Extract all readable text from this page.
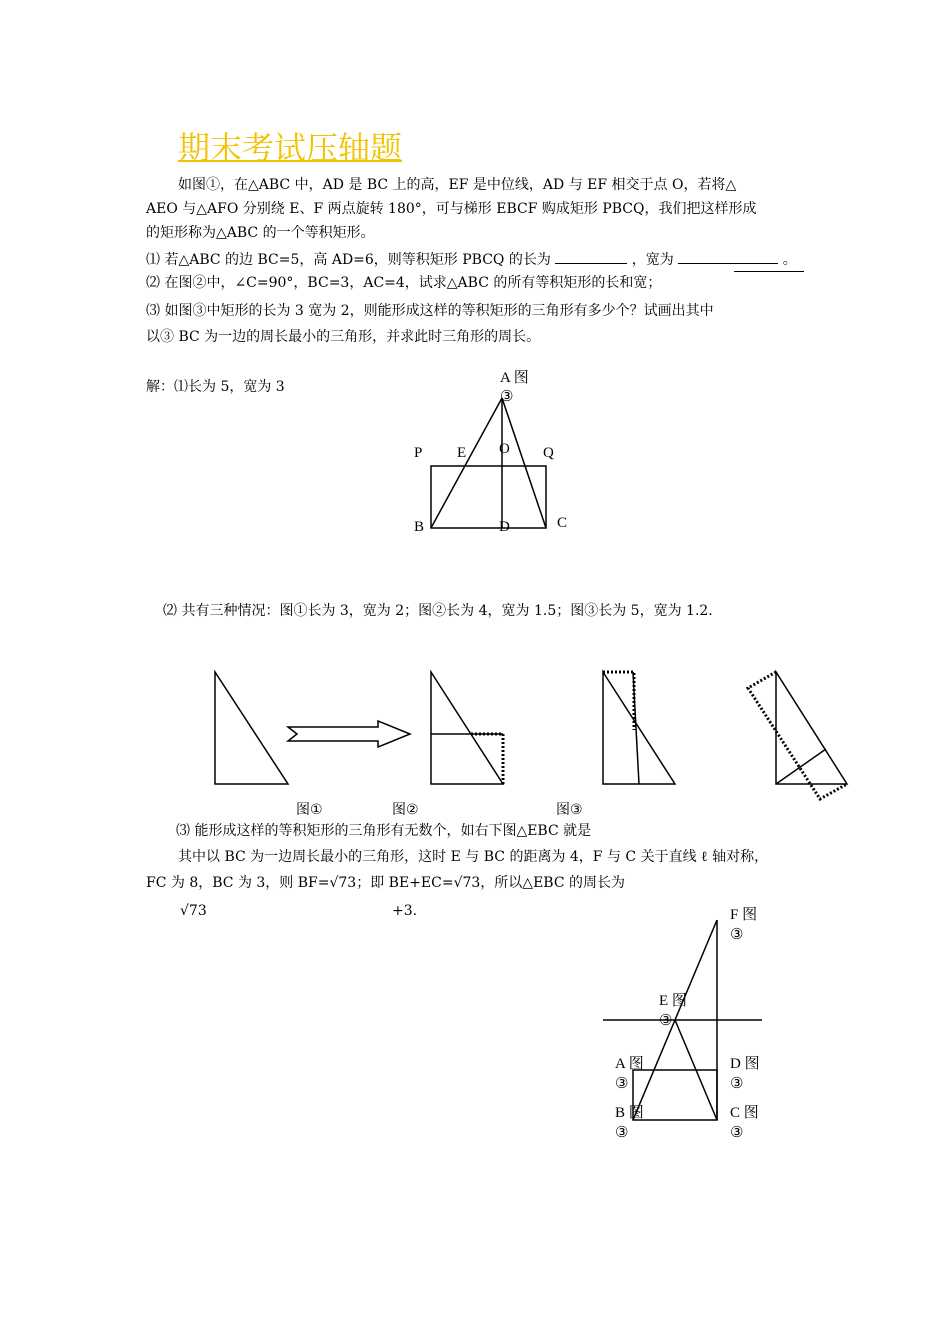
期末考试压轴题
如图①，在△ABC 中，AD 是 BC 上的高，EF 是中位线，AD 与 EF 相交于点 O，若将△
AEO 与△AFO 分别绕 E、F 两点旋转 180°，可与梯形 EBCF 购成矩形 PBCQ，我们把这样形成
的矩形称为△ABC 的一个等积矩形。
⑴ 若△ABC 的边 BC=5，高 AD=6，则等积矩形 PBCQ 的长为	，宽为	。
⑵ 在图②中，∠C=90°，BC=3，AC=4，试求△ABC 的所有等积矩形的长和宽；
⑶ 如图③中矩形的长为 3 宽为 2，则能形成这样的等积矩形的三角形有多少个？试画出其中
以③ BC 为一边的周长最小的三角形，并求此时三角形的周长。
解：⑴长为 5，宽为 3
A 图
③
P E O Q
B	D	C
⑵ 共有三种情况：图①长为 3，宽为 2；图②长为 4，宽为 1.5；图③长为 5，宽为 1.2.
图①	图②	图③
⑶ 能形成这样的等积矩形的三角形有无数个，如右下图△EBC 就是
其中以 BC 为一边周长最小的三角形，这时 E 与 BC 的距离为 4，F 与 C 关于直线 ℓ 轴对称，
FC 为 8，BC 为 3，则 BF=√73；即 BE+EC=√73，所以△EBC 的周长为
√73	+3.	F 图
③
E 图
③
A 图
③
D 图
③
B 图
③
C 图
③
